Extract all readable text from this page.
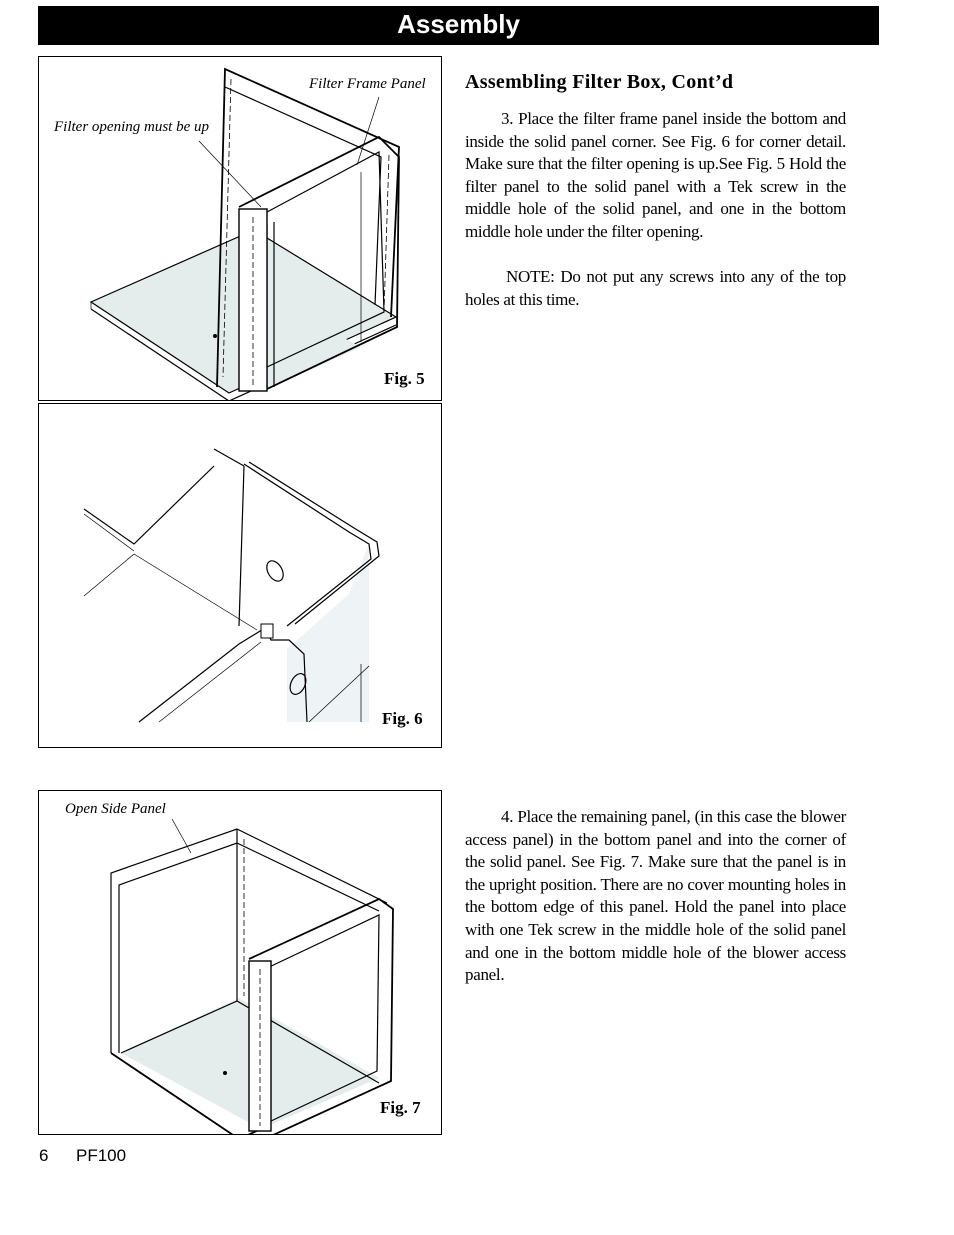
Assembly
Filter Frame Panel
Filter opening must be up
Fig. 5
Fig. 6
Open Side Panel
Fig. 7
Assembling Filter Box, Cont’d

3. Place the filter frame panel inside the bottom and inside the solid panel corner. See Fig. 6 for corner detail. Make sure that the filter opening is up.See Fig. 5 Hold the filter panel to the solid panel with a Tek screw in the middle hole of the solid panel, and one in the bottom middle hole under the filter opening.

NOTE: Do not put any screws into any of the top holes at this time.

4. Place the remaining panel, (in this case the blower access panel) in the bottom panel and into the corner of the solid panel. See Fig. 7. Make sure that the panel is in the upright position. There are no cover mounting holes in the bottom edge of this panel. Hold the panel into place with one Tek screw in the middle hole of the solid panel and one in the bottom middle hole of the blower access panel.

6 PF100
